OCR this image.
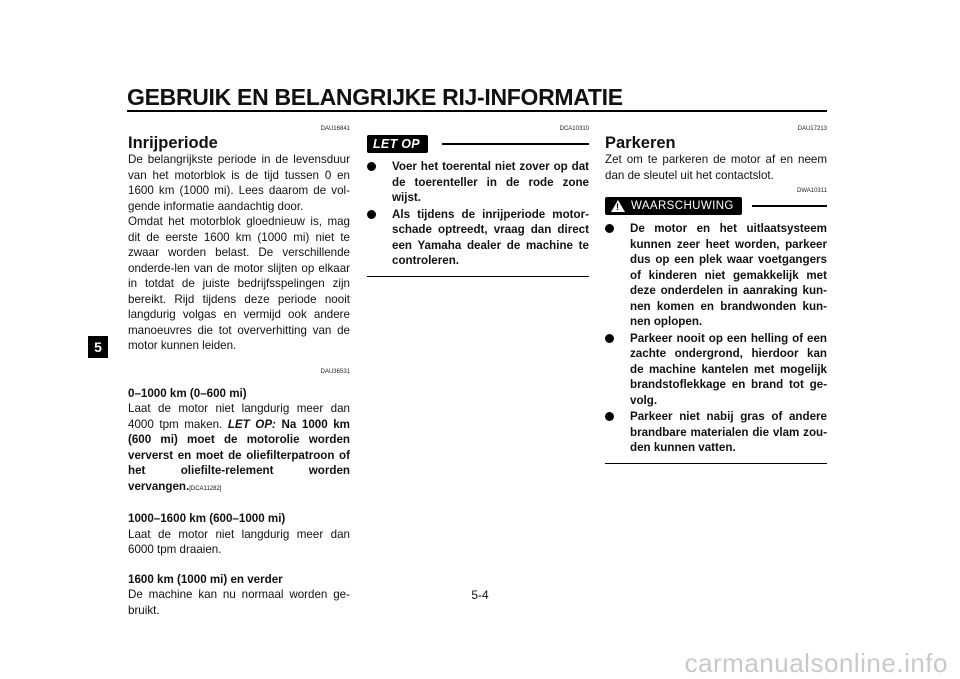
GEBRUIK EN BELANGRIJKE RIJ-INFORMATIE
5
DAU16841
Inrijperiode

De belangrijkste periode in de levensduur van het motorblok is de tijd tussen 0 en 1600 km (1000 mi). Lees daarom de vol-gende informatie aandachtig door.

Omdat het motorblok gloednieuw is, mag dit de eerste 1600 km (1000 mi) niet te zwaar worden belast. De verschillende onderde-len van de motor slijten op elkaar in totdat de juiste bedrijfsspelingen zijn bereikt. Rijd tijdens deze periode nooit langdurig volgas en vermijd ook andere manoeuvres die tot oververhitting van de motor kunnen leiden.

DAU36531
0–1000 km (0–600 mi)

Laat de motor niet langdurig meer dan 4000 tpm maken. LET OP: Na 1000 km (600 mi) moet de motorolie worden ververst en moet de oliefilterpatroon of het oliefilte-relement worden vervangen.[DCA11282]

1000–1600 km (600–1000 mi)

Laat de motor niet langdurig meer dan 6000 tpm draaien.

1600 km (1000 mi) en verder

De machine kan nu normaal worden ge-bruikt.

DCA10310
LET OP
Voer het toerental niet zover op dat de toerenteller in de rode zone wijst.
Als tijdens de inrijperiode motor-schade optreedt, vraag dan direct een Yamaha dealer de machine te controleren.
DAU17213
Parkeren

Zet om te parkeren de motor af en neem dan de sleutel uit het contactslot.

DWA10311
! WAARSCHUWING
De motor en het uitlaatsysteem kunnen zeer heet worden, parkeer dus op een plek waar voetgangers of kinderen niet gemakkelijk met deze onderdelen in aanraking kun-nen komen en brandwonden kun-nen oplopen.
Parkeer nooit op een helling of een zachte ondergrond, hierdoor kan de machine kantelen met mogelijk brandstoflekkage en brand tot ge-volg.
Parkeer niet nabij gras of andere brandbare materialen die vlam zou-den kunnen vatten.
5-4
carmanualsonline.info
